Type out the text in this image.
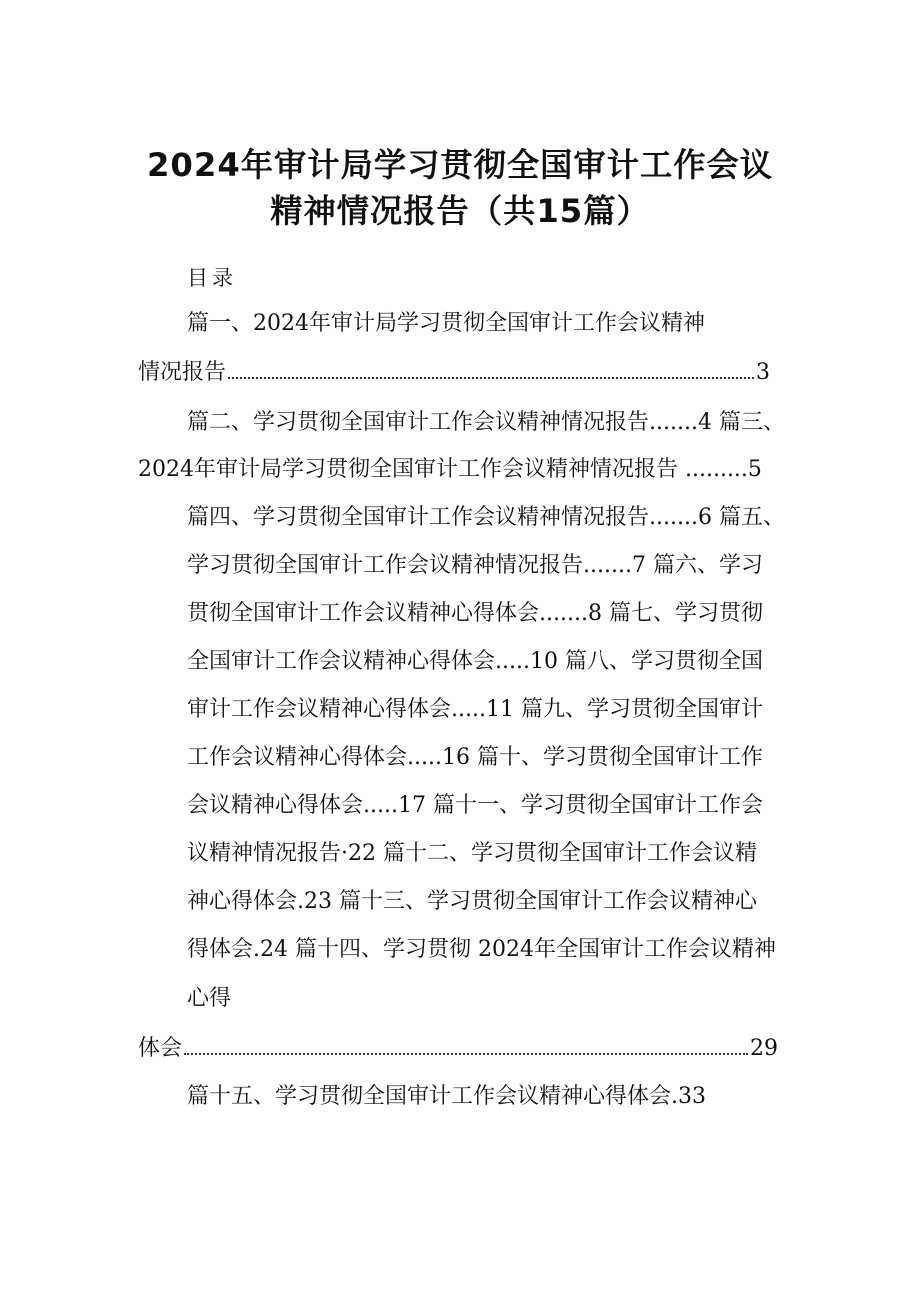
2024年审计局学习贯彻全国审计工作会议
精神情况报告（共15篇）
目录
篇一、2024年审计局学习贯彻全国审计工作会议精神
情况报告	3
篇二、学习贯彻全国审计工作会议精神情况报告.......4 篇三、
2024年审计局学习贯彻全国审计工作会议精神情况报告 .........5
篇四、学习贯彻全国审计工作会议精神情况报告.......6 篇五、
学习贯彻全国审计工作会议精神情况报告.......7 篇六、学习
贯彻全国审计工作会议精神心得体会.......8 篇七、学习贯彻
全国审计工作会议精神心得体会.....10 篇八、学习贯彻全国
审计工作会议精神心得体会.....11 篇九、学习贯彻全国审计
工作会议精神心得体会.....16 篇十、学习贯彻全国审计工作
会议精神心得体会.....17 篇十一、学习贯彻全国审计工作会
议精神情况报告·22 篇十二、学习贯彻全国审计工作会议精
神心得体会.23 篇十三、学习贯彻全国审计工作会议精神心
得体会.24 篇十四、学习贯彻 2024年全国审计工作会议精神
心得
体会	29
篇十五、学习贯彻全国审计工作会议精神心得体会.33
